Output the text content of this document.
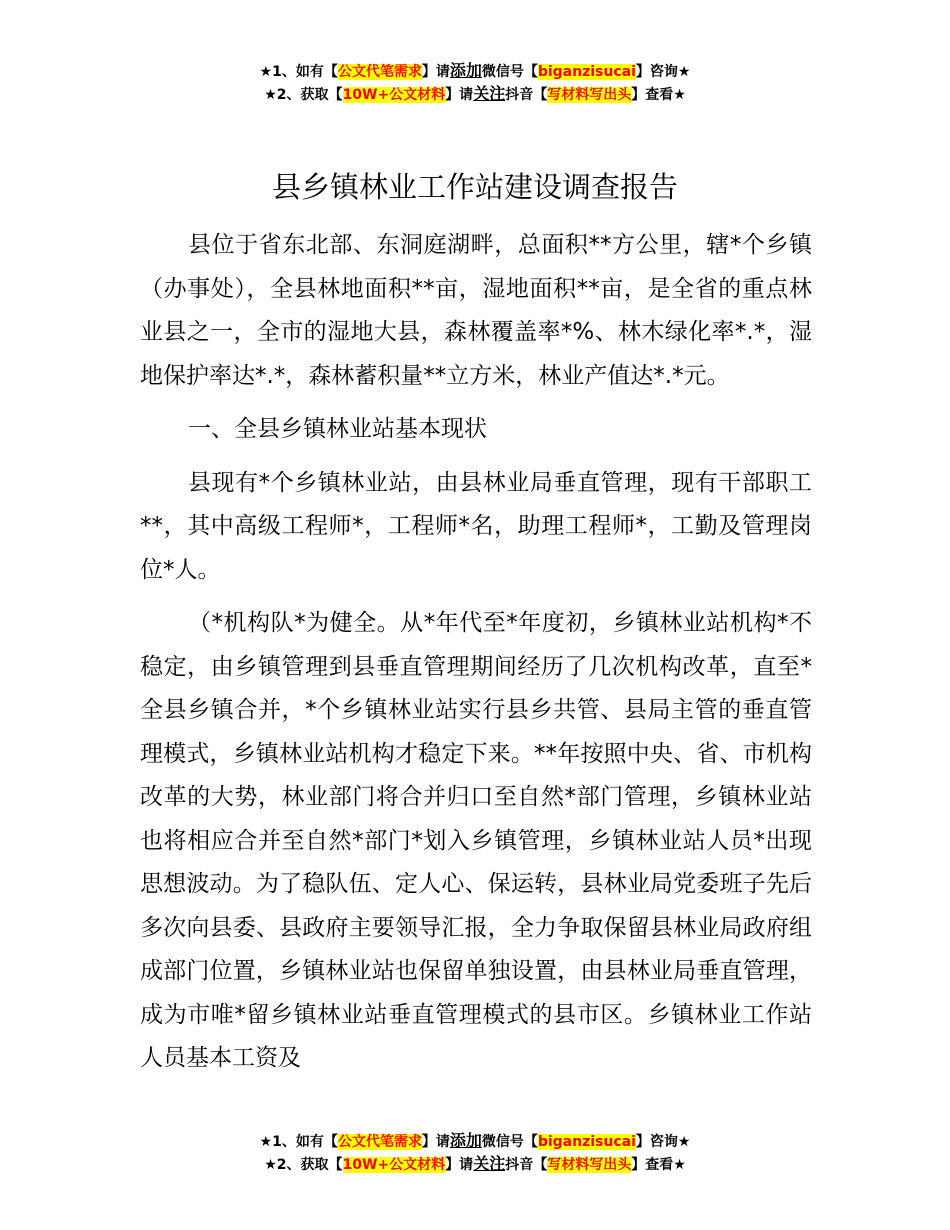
★1、如有【公文代笔需求】请添加微信号【biganzisucai】咨询★
★2、获取【10W+公文材料】请关注抖音【写材料写出头】查看★
县乡镇林业工作站建设调查报告

县位于省东北部、东洞庭湖畔，总面积**方公里，辖*个乡镇（办事处），全县林地面积**亩，湿地面积**亩，是全省的重点林业县之一，全市的湿地大县，森林覆盖率*%、林木绿化率*.*，湿地保护率达*.*，森林蓄积量**立方米，林业产值达*.*元。

一、全县乡镇林业站基本现状

县现有*个乡镇林业站，由县林业局垂直管理，现有干部职工**，其中高级工程师*，工程师*名，助理工程师*，工勤及管理岗位*人。

（*机构队*为健全。从*年代至*年度初，乡镇林业站机构*不稳定，由乡镇管理到县垂直管理期间经历了几次机构改革，直至*全县乡镇合并，*个乡镇林业站实行县乡共管、县局主管的垂直管理模式，乡镇林业站机构才稳定下来。**年按照中央、省、市机构改革的大势，林业部门将合并归口至自然*部门管理，乡镇林业站也将相应合并至自然*部门*划入乡镇管理，乡镇林业站人员*出现思想波动。为了稳队伍、定人心、保运转，县林业局党委班子先后多次向县委、县政府主要领导汇报，全力争取保留县林业局政府组成部门位置，乡镇林业站也保留单独设置，由县林业局垂直管理，成为市唯*留乡镇林业站垂直管理模式的县市区。乡镇林业工作站人员基本工资及

★1、如有【公文代笔需求】请添加微信号【biganzisucai】咨询★
★2、获取【10W+公文材料】请关注抖音【写材料写出头】查看★
